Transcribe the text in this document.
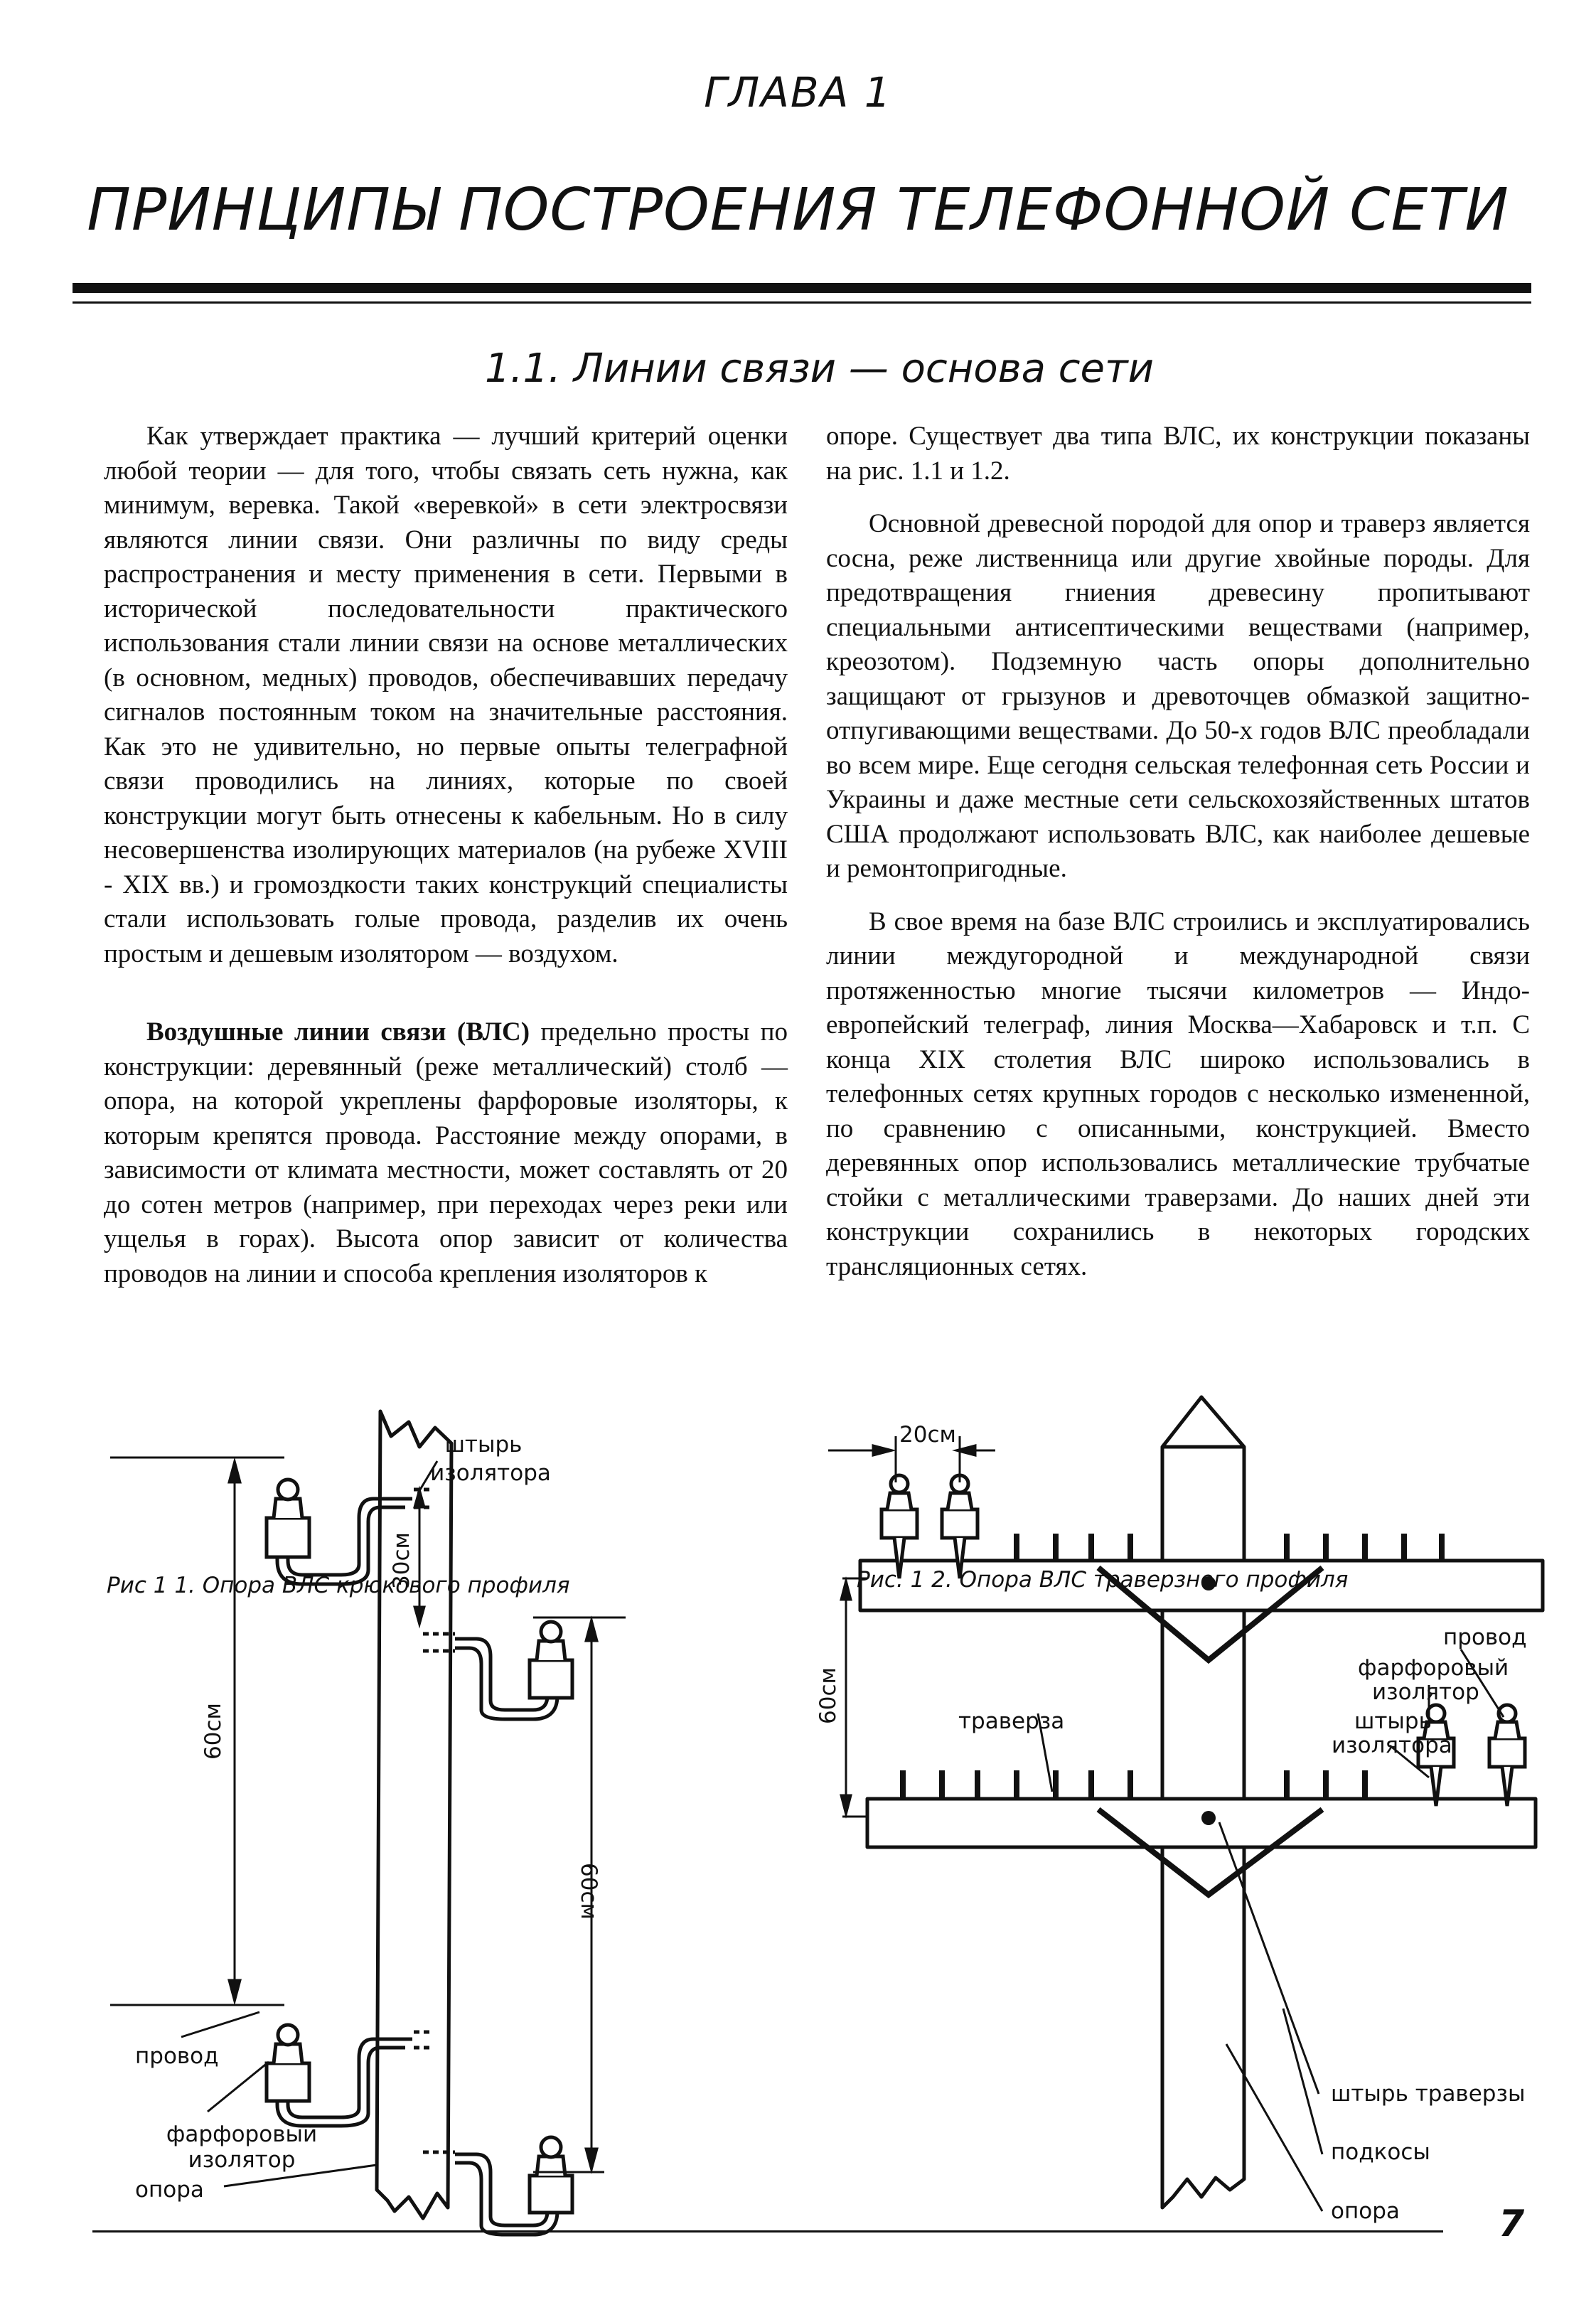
ГЛАВА 1
ПРИНЦИПЫ ПОСТРОЕНИЯ ТЕЛЕФОННОЙ СЕТИ
1.1. Линии связи — основа сети

Как утверждает практика — лучший критерий оценки любой теории — для того, чтобы связать сеть нужна, как минимум, веревка. Такой «веревкой» в сети электросвязи являются линии связи. Они различны по виду среды распространения и месту применения в сети. Первыми в исторической последовательности практического использования стали линии связи на основе металлических (в основном, медных) проводов, обеспечивавших передачу сигналов постоянным током на значительные расстояния. Как это не удивительно, но первые опыты телеграфной связи проводились на линиях, которые по своей конструкции могут быть отнесены к кабельным. Но в силу несовершенства изолирующих материалов (на рубеже XVIII - XIX вв.) и громоздкости таких конструкций специалисты стали использовать голые провода, разделив их очень простым и дешевым изолятором — воздухом.

Воздушные линии связи (ВЛС) предельно просты по конструкции: деревянный (реже металлический) столб — опора, на которой укреплены фарфоровые изоляторы, к которым крепятся провода. Расстояние между опорами, в зависимости от климата местности, может составлять от 20 до сотен метров (например, при переходах через реки или ущелья в горах). Высота опор зависит от количества проводов на линии и способа крепления изоляторов к

опоре. Существует два типа ВЛС, их конструкции показаны на рис. 1.1 и 1.2.

Основной древесной породой для опор и траверз является сосна, реже лиственница или другие хвойные породы. Для предотвращения гниения древесину пропитывают специальными антисептическими веществами (например, креозотом). Подземную часть опоры дополнительно защищают от грызунов и древоточцев обмазкой защитно-отпугивающими веществами. До 50-х годов ВЛС преобладали во всем мире. Еще сегодня сельская телефонная сеть России и Украины и даже местные сети сельскохозяйственных штатов США продолжают использовать ВЛС, как наиболее дешевые и ремонтопригодные.

В свое время на базе ВЛС строились и эксплуатировались линии междугородной и международной связи протяженностью многие тысячи километров — Индо-европейский телеграф, линия Москва—Хабаровск и т.п. С конца XIX столетия ВЛС широко использовались в телефонных сетях крупных городов с несколько измененной, по сравнению с описанными, конструкцией. Вместо деревянных опор использовались металлические трубчатые стойки с металлическими траверзами. До наших дней эти конструкции сохранились в некоторых городских трансляционных сетях.

60см
30см
60см
штырь
изолятора
провод
фарфоровый
изолятор
опора
Рис 1 1. Опора ВЛС крюкового профиля
20см
60см
провод
фарфоровый
изолятор
траверза	штырь
изолятора
штырь траверзы
подкосы
опора
Рис. 1 2. Опора ВЛС траверзного профиля
7
